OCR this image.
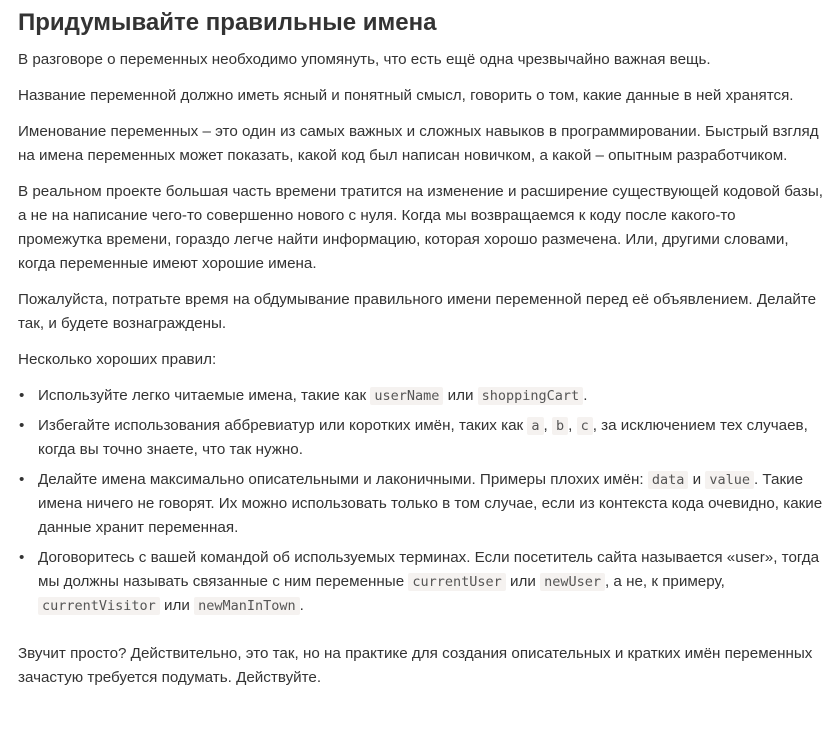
Придумывайте правильные имена

В разговоре о переменных необходимо упомянуть, что есть ещё одна чрезвычайно важная вещь.

Название переменной должно иметь ясный и понятный смысл, говорить о том, какие данные в ней хранятся.

Именование переменных – это один из самых важных и сложных навыков в программировании. Быстрый взгляд на имена переменных может показать, какой код был написан новичком, а какой – опытным разработчиком.

В реальном проекте большая часть времени тратится на изменение и расширение существующей кодовой базы, а не на написание чего-то совершенно нового с нуля. Когда мы возвращаемся к коду после какого-то промежутка времени, гораздо легче найти информацию, которая хорошо размечена. Или, другими словами, когда переменные имеют хорошие имена.

Пожалуйста, потратьте время на обдумывание правильного имени переменной перед её объявлением. Делайте так, и будете вознаграждены.

Несколько хороших правил:

• Используйте легко читаемые имена, такие как userName или shoppingCart .
• Избегайте использования аббревиатур или коротких имён, таких как a , b , c , за исключением тех случаев, когда вы точно знаете, что так нужно.
• Делайте имена максимально описательными и лаконичными. Примеры плохих имён: data и value . Такие имена ничего не говорят. Их можно использовать только в том случае, если из контекста кода очевидно, какие данные хранит переменная.
• Договоритесь с вашей командой об используемых терминах. Если посетитель сайта называется «user», тогда мы должны называть связанные с ним переменные currentUser или newUser , а не, к примеру, currentVisitor или newManInTown .

Звучит просто? Действительно, это так, но на практике для создания описательных и кратких имён переменных зачастую требуется подумать. Действуйте.
